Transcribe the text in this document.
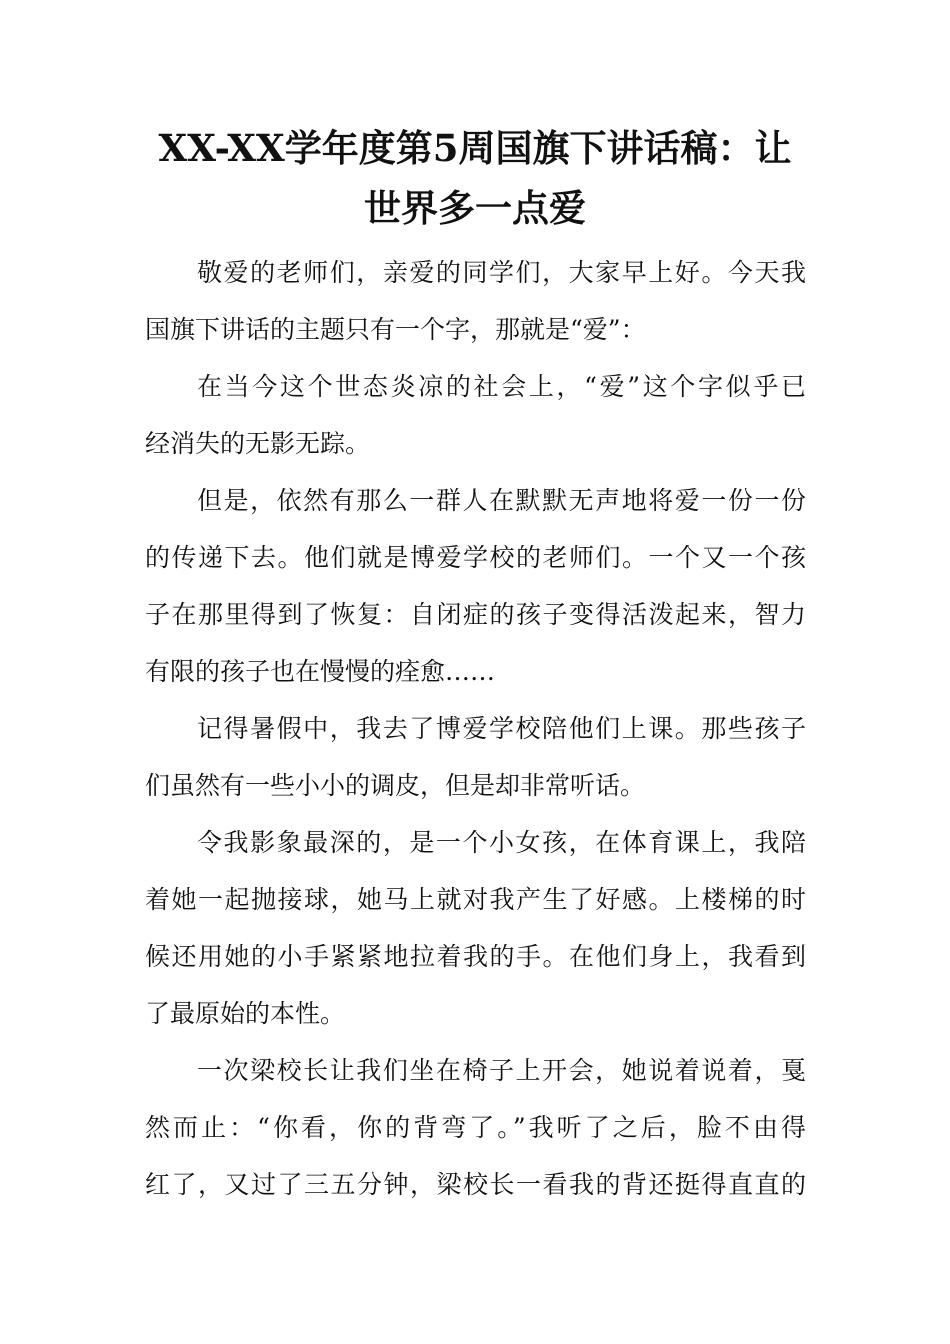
XX-XX学年度第5周国旗下讲话稿：让
世界多一点爱
敬爱的老师们，亲爱的同学们，大家早上好。今天我
国旗下讲话的主题只有一个字，那就是“爱”：
在当今这个世态炎凉的社会上，“爱”这个字似乎已
经消失的无影无踪。
但是，依然有那么一群人在默默无声地将爱一份一份
的传递下去。他们就是博爱学校的老师们。一个又一个孩
子在那里得到了恢复：自闭症的孩子变得活泼起来，智力
有限的孩子也在慢慢的痊愈……
记得暑假中，我去了博爱学校陪他们上课。那些孩子
们虽然有一些小小的调皮，但是却非常听话。
令我影象最深的，是一个小女孩，在体育课上，我陪
着她一起抛接球，她马上就对我产生了好感。上楼梯的时
候还用她的小手紧紧地拉着我的手。在他们身上，我看到
了最原始的本性。
一次梁校长让我们坐在椅子上开会，她说着说着，戛
然而止：“你看，你的背弯了。”我听了之后，脸不由得
红了，又过了三五分钟，梁校长一看我的背还挺得直直的
